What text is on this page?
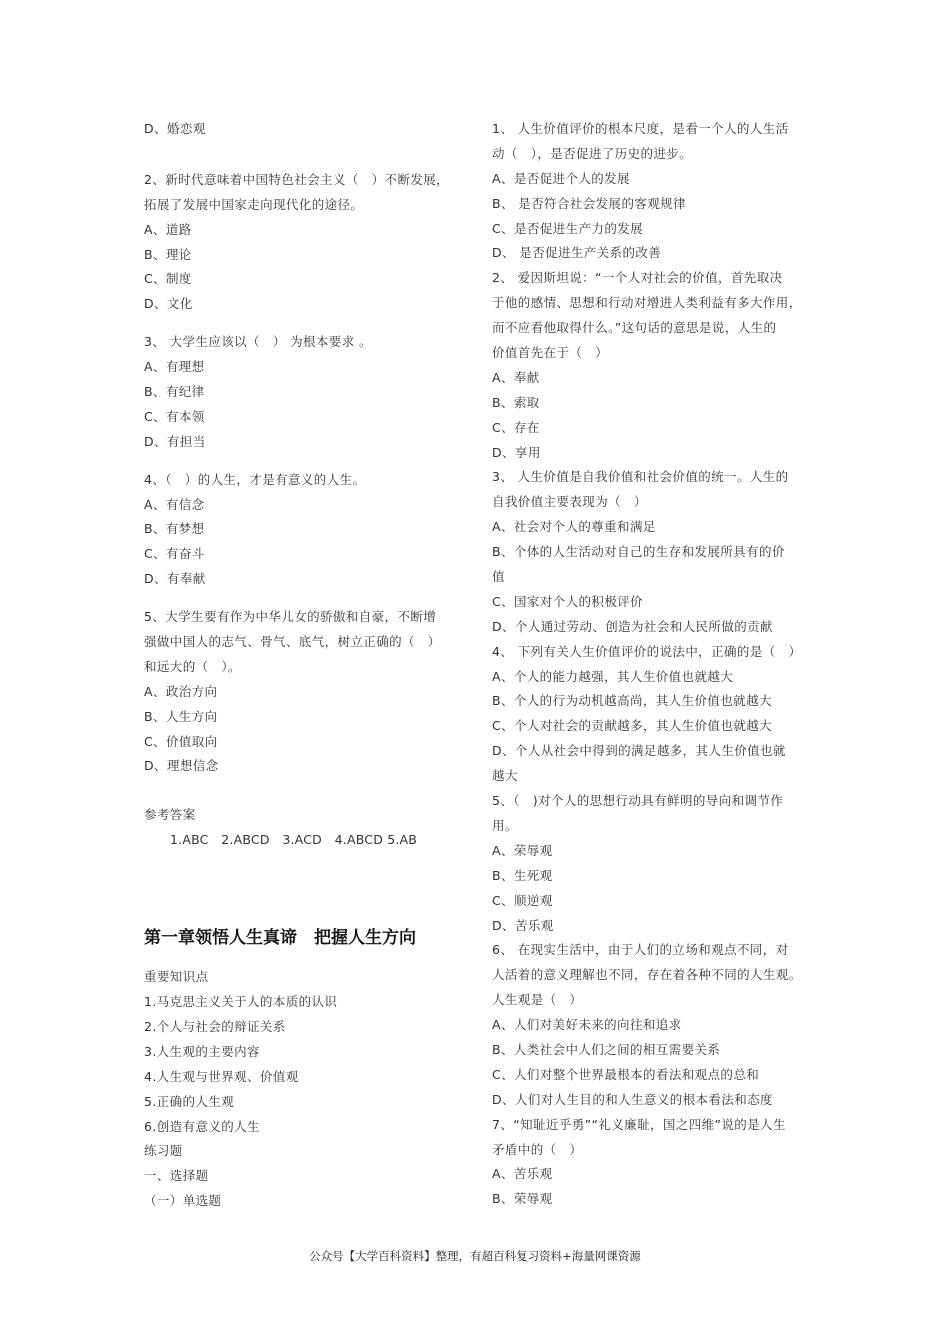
D、婚恋观
2、新时代意味着中国特色社会主义（　）不断发展，
拓展了发展中国家走向现代化的途径。
A、道路
B、理论
C、制度
D、文化
3、 大学生应该以（　） 为根本要求 。
A、有理想
B、有纪律
C、有本领
D、有担当
4、（　）的人生，才是有意义的人生。
A、有信念
B、有梦想
C、有奋斗
D、有奉献
5、大学生要有作为中华儿女的骄傲和自豪，不断增
强做中国人的志气、骨气、底气，树立正确的（　）
和远大的（　）。
A、政治方向
B、人生方向
C、价值取向
D、理想信念
参考答案
1.ABC　2.ABCD　3.ACD　4.ABCD 5.AB
第一章领悟人生真谛　把握人生方向
重要知识点
1.马克思主义关于人的本质的认识
2.个人与社会的辩证关系
3.人生观的主要内容
4.人生观与世界观、价值观
5.正确的人生观
6.创造有意义的人生
练习题
一、选择题
（一）单选题
1、 人生价值评价的根本尺度，是看一个人的人生活
动（　），是否促进了历史的进步。
A、是否促进个人的发展
B、 是否符合社会发展的客观规律
C、是否促进生产力的发展
D、 是否促进生产关系的改善
2、 爱因斯坦说：“一个人对社会的价值，首先取决
于他的感情、思想和行动对增进人类利益有多大作用，
而不应看他取得什么。”这句话的意思是说，人生的
价值首先在于（　）
A、奉献
B、索取
C、存在
D、享用
3、 人生价值是自我价值和社会价值的统一。人生的
自我价值主要表现为（　）
A、社会对个人的尊重和满足
B、个体的人生活动对自己的生存和发展所具有的价
值
C、国家对个人的积极评价
D、个人通过劳动、创造为社会和人民所做的贡献
4、 下列有关人生价值评价的说法中，正确的是（　）
A、个人的能力越强，其人生价值也就越大
B、个人的行为动机越高尚，其人生价值也就越大
C、个人对社会的贡献越多，其人生价值也就越大
D、个人从社会中得到的满足越多，其人生价值也就
越大
5、（　)对个人的思想行动具有鲜明的导向和调节作
用。
A、荣辱观
B、生死观
C、顺逆观
D、苦乐观
6、 在现实生活中，由于人们的立场和观点不同，对
人活着的意义理解也不同，存在着各种不同的人生观。
人生观是（　）
A、人们对美好未来的向往和追求
B、人类社会中人们之间的相互需要关系
C、人们对整个世界最根本的看法和观点的总和
D、人们对人生目的和人生意义的根本看法和态度
7、“知耻近乎勇”“礼义廉耻，国之四维”说的是人生
矛盾中的（　）
A、苦乐观
B、荣辱观
公众号【大学百科资料】整理，有超百科复习资料+海量网课资源
